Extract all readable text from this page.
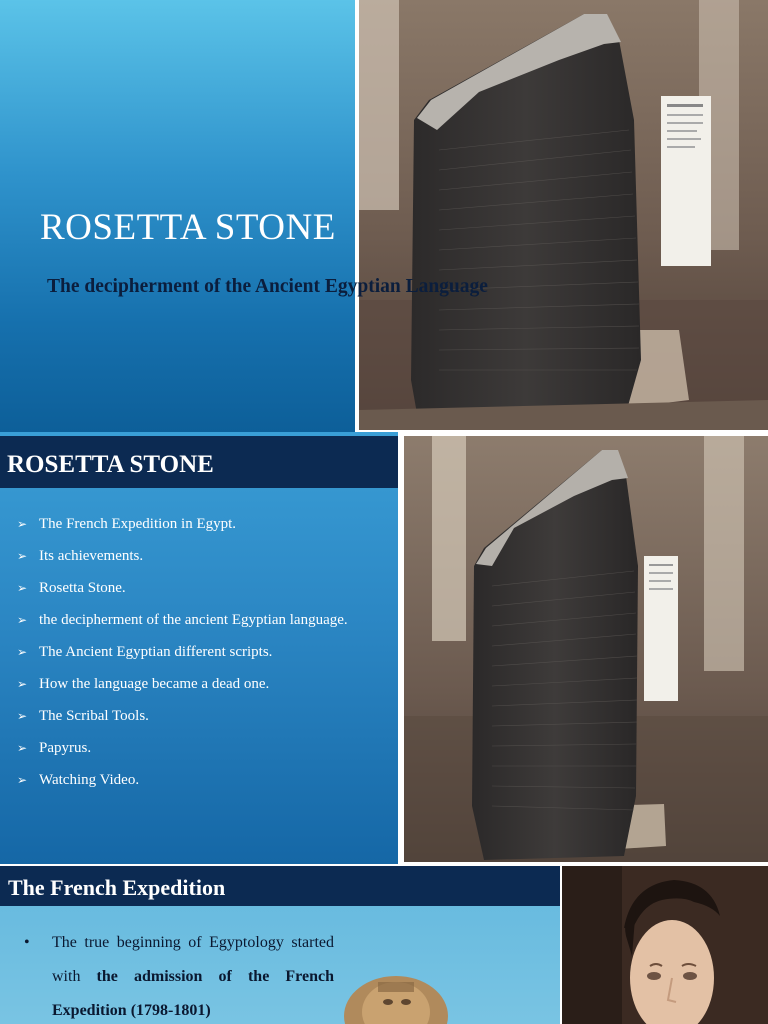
ROSETTA STONE
The decipherment of the Ancient Egyptian Language
ROSETTA STONE
➢ The French Expedition in Egypt.
➢ Its achievements.
➢ Rosetta Stone.
➢ the decipherment of the ancient Egyptian language.
➢ The Ancient Egyptian different scripts.
➢ How the language became a dead one.
➢ The Scribal Tools.
➢ Papyrus.
➢ Watching Video.
The French Expedition
•	The true beginning of Egyptology started with the admission of the French Expedition (1798-1801)
